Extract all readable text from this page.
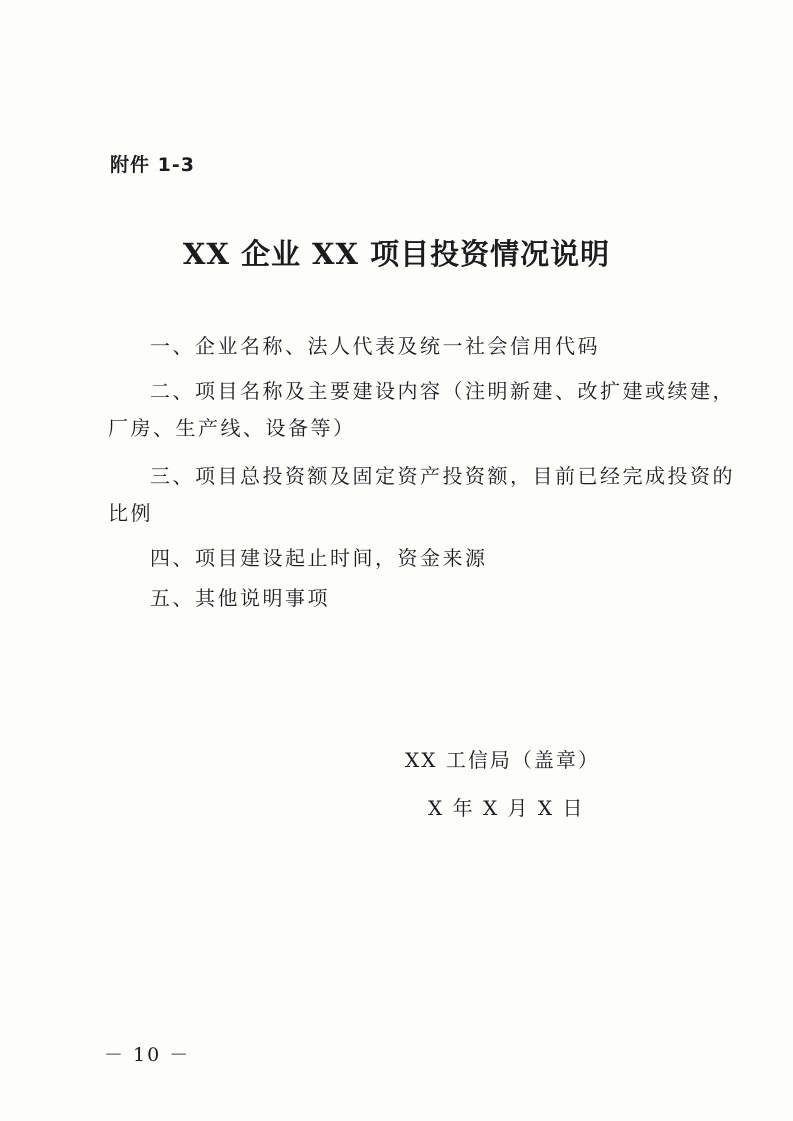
附件 1-3
XX 企业 XX 项目投资情况说明
一、企业名称、法人代表及统一社会信用代码
二、项目名称及主要建设内容（注明新建、改扩建或续建，
厂房、生产线、设备等）
三、项目总投资额及固定资产投资额，目前已经完成投资的
比例
四、项目建设起止时间，资金来源
五、其他说明事项
XX 工信局（盖章）
X 年 X 月 X 日
－ 10 －
